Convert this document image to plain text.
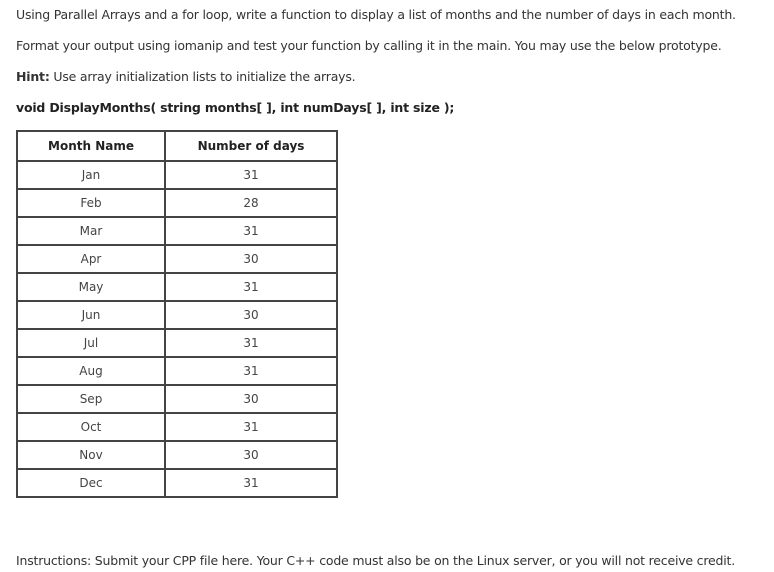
Using Parallel Arrays and a for loop, write a function to display a list of months and the number of days in each month.
Format your output using iomanip and test your function by calling it in the main. You may use the below prototype.
Hint: Use array initialization lists to initialize the arrays.
void DisplayMonths( string months[ ], int numDays[ ], int size );
Month Name	Number of days
Jan	31
Feb	28
Mar	31
Apr	30
May	31
Jun	30
Jul	31
Aug	31
Sep	30
Oct	31
Nov	30
Dec	31
Instructions: Submit your CPP file here. Your C++ code must also be on the Linux server, or you will not receive credit.
